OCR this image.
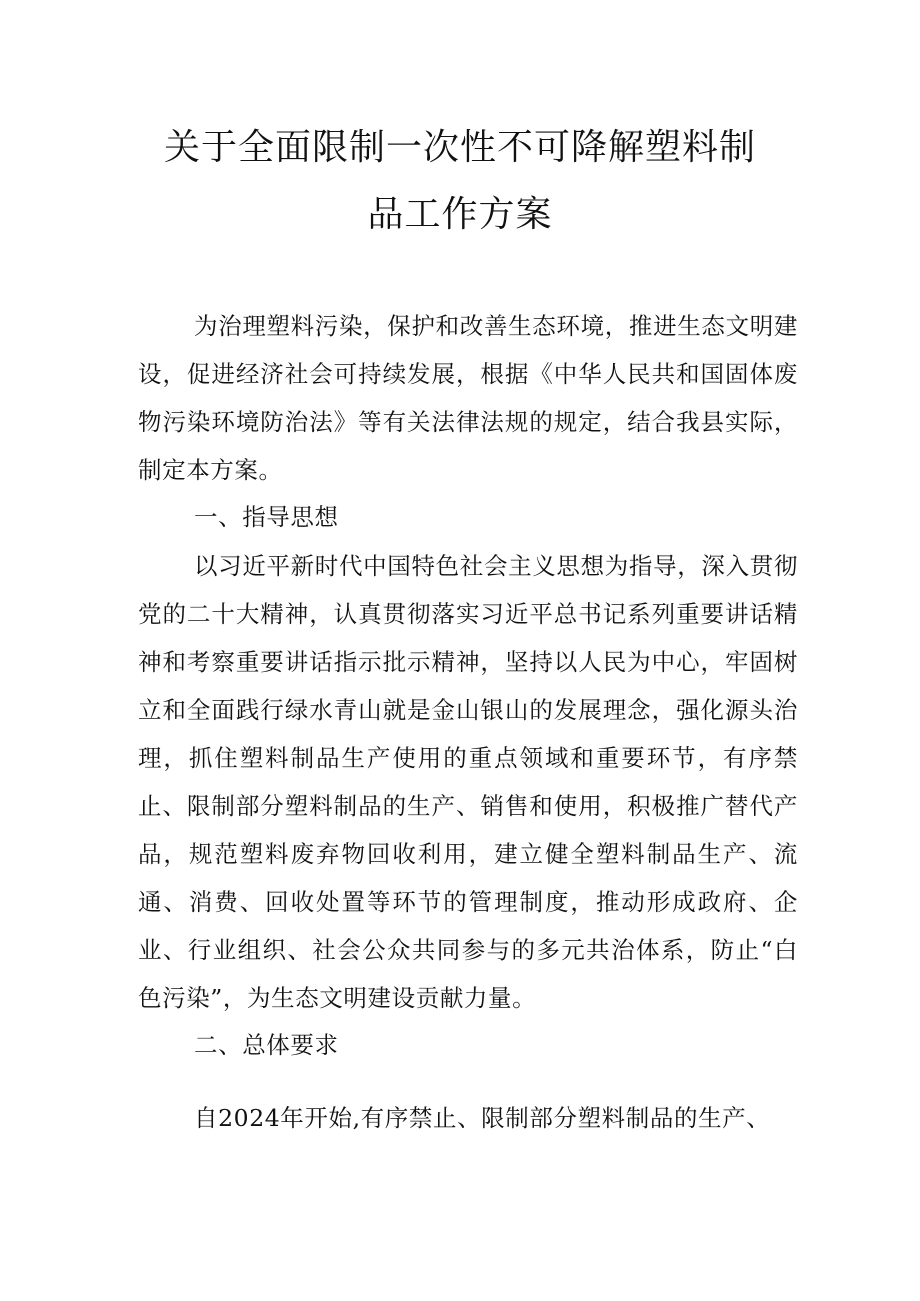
关于全面限制一次性不可降解塑料制
品工作方案
为治理塑料污染，保护和改善生态环境，推进生态文明建设，促进经济社会可持续发展，根据《中华人民共和国固体废物污染环境防治法》等有关法律法规的规定，结合我县实际，制定本方案。
一、指导思想
以习近平新时代中国特色社会主义思想为指导，深入贯彻党的二十大精神，认真贯彻落实习近平总书记系列重要讲话精神和考察重要讲话指示批示精神，坚持以人民为中心，牢固树立和全面践行绿水青山就是金山银山的发展理念，强化源头治理，抓住塑料制品生产使用的重点领域和重要环节，有序禁止、限制部分塑料制品的生产、销售和使用，积极推广替代产品，规范塑料废弃物回收利用，建立健全塑料制品生产、流通、消费、回收处置等环节的管理制度，推动形成政府、企业、行业组织、社会公众共同参与的多元共治体系，防止“白色污染”，为生态文明建设贡献力量。
二、总体要求
自2024年开始,有序禁止、限制部分塑料制品的生产、
